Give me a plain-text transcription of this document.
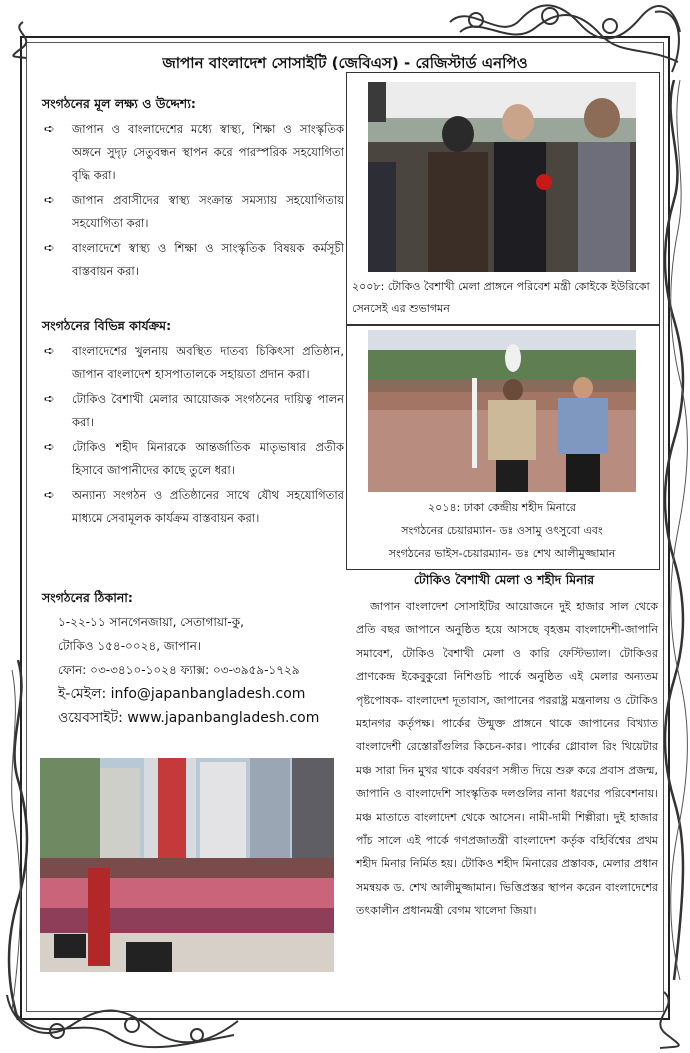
জাপান বাংলাদেশ সোসাইটি (জেবিএস) - রেজিস্টার্ড এনপিও
সংগঠনের মূল লক্ষ্য ও উদ্দেশ্য:
➪ জাপান ও বাংলাদেশের মধ্যে স্বাস্থ্য, শিক্ষা ও সাংস্কৃতিক অঙ্গনে সুদৃঢ় সেতুবন্ধন স্থাপন করে পারস্পরিক সহযোগিতা বৃদ্ধি করা।
➪ জাপান প্রবাসীদের স্বাস্থ্য সংক্রান্ত সমস্যায় সহযোগিতায় সহযোগিতা করা।
➪ বাংলাদেশে স্বাস্থ্য ও শিক্ষা ও সাংস্কৃতিক বিষয়ক কর্মসূচী বাস্তবায়ন করা।
সংগঠনের বিভিন্ন কার্যক্রম:
➪ বাংলাদেশের খুলনায় অবস্থিত দাতব্য চিকিৎসা প্রতিষ্ঠান, জাপান বাংলাদেশ হাসপাতালকে সহায়তা প্রদান করা।
➪ টোকিও বৈশাখী মেলার আয়োজক সংগঠনের দায়িত্ব পালন করা।
➪ টোকিও শহীদ মিনারকে আন্তর্জাতিক মাতৃভাষার প্রতীক হিসাবে জাপানীদের কাছে তুলে ধরা।
➪ অন্যান্য সংগঠন ও প্রতিষ্ঠানের সাথে যৌথ সহযোগিতার মাধ্যমে সেবামূলক কার্যক্রম বাস্তবায়ন করা।
সংগঠনের ঠিকানা:
১-২২-১১ সানগেনজায়া, সেতাগায়া-কু,
টোকিও ১৫৪-০০২৪, জাপান।
ফোন: ০৩-৩৪১০-১০২৪ ফ্যাক্স: ০৩-৩৯৫৯-১৭২৯
ই-মেইল: info@japanbangladesh.com
ওয়েবসাইট: www.japanbangladesh.com
২০০৮: টোকিও বৈশাখী মেলা প্রাঙ্গনে পরিবেশ মন্ত্রী কোইকে ইউরিকো সেনসেই এর শুভাগমন
২০১৪: ঢাকা কেন্দ্রীয় শহীদ মিনারে
সংগঠনের চেয়ারম্যান- ডঃ ওসামু ওৎসুবো এবং
সংগঠনের ভাইস-চেয়ারম্যান- ডঃ শেখ আলীমুজ্জামান
টোকিও বৈশাখী মেলা ও শহীদ মিনার

জাপান বাংলাদেশ সোসাইটির আয়োজনে দুই হাজার সাল থেকে প্রতি বছর জাপানে অনুষ্ঠিত হয়ে আসছে বৃহত্তম বাংলাদেশী-জাপানি সমাবেশ, টোকিও বৈশাখী মেলা ও কারি ফেস্টিভ্যাল। টোকিওর প্রাণকেন্দ্র ইকেবুকুরো নিশিগুচি পার্কে অনুষ্ঠিত এই মেলার অন্যতম পৃষ্টপোষক- বাংলাদেশ দূতাবাস, জাপানের পররাষ্ট্র মন্ত্রনালয় ও টোকিও মহানগর কর্তৃপক্ষ। পার্কের উন্মুক্ত প্রাঙ্গনে থাকে জাপানের বিখ্যাত বাংলাদেশী রেস্তোরাঁগুলির কিচেন-কার। পার্কের গ্লোবাল রিং থিয়েটার মঞ্চ সারা দিন মুখর থাকে বর্ষবরণ সঙ্গীত দিয়ে শুরু করে প্রবাস প্রজন্ম, জাপানি ও বাংলাদেশি সাংস্কৃতিক দলগুলির নানা ধরণের পরিবেশনায়। মঞ্চ মাতাতে বাংলাদেশ থেকে আসেন। নামী-দামী শিল্পীরা। দুই হাজার পাঁচ সালে এই পার্কে গণপ্রজাতন্ত্রী বাংলাদেশ কর্তৃক বহির্বিশ্বের প্রথম শহীদ মিনার নির্মিত হয়। টোকিও শহীদ মিনারের প্রস্তাবক, মেলার প্রধান সমন্বয়ক ড. শেখ আলীমুজ্জামান। ভিত্তিপ্রস্তর স্থাপন করেন বাংলাদেশের তৎকালীন প্রধানমন্ত্রী বেগম খালেদা জিয়া।
